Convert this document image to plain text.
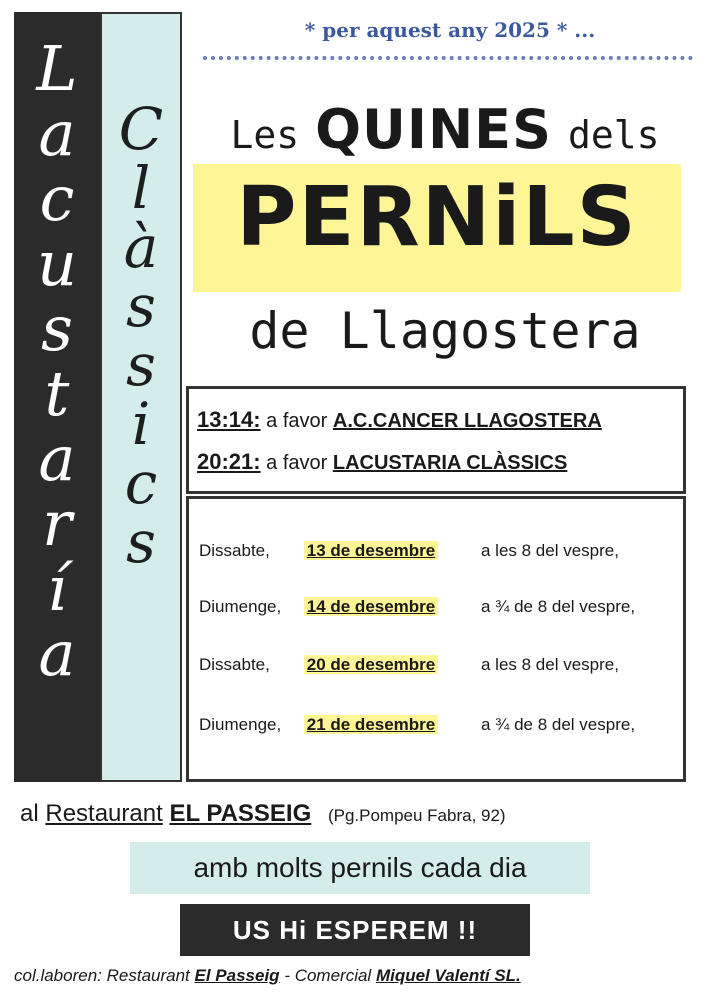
L
a
c
u
s
t
a
r
í
a
C
l
à
s
s
i
c
s
* per aquest any 2025 * ...
Les QUINES dels
PERNiLS
de Llagostera
13:14: a favor A.C.CANCER LLAGOSTERA
20:21: a favor LACUSTARIA CLÀSSICS
Dissabte, 13 de desembre	a les 8 del vespre,
Diumenge, 14 de desembre	a ¾ de 8 del vespre,
Dissabte, 20 de desembre	a les 8 del vespre,
Diumenge, 21 de desembre	a ¾ de 8 del vespre,
al Restaurant EL PASSEIG (Pg.Pompeu Fabra, 92)
amb molts pernils cada dia
US Hi ESPEREM !!
col.laboren: Restaurant El Passeig - Comercial Miquel Valentí SL.
